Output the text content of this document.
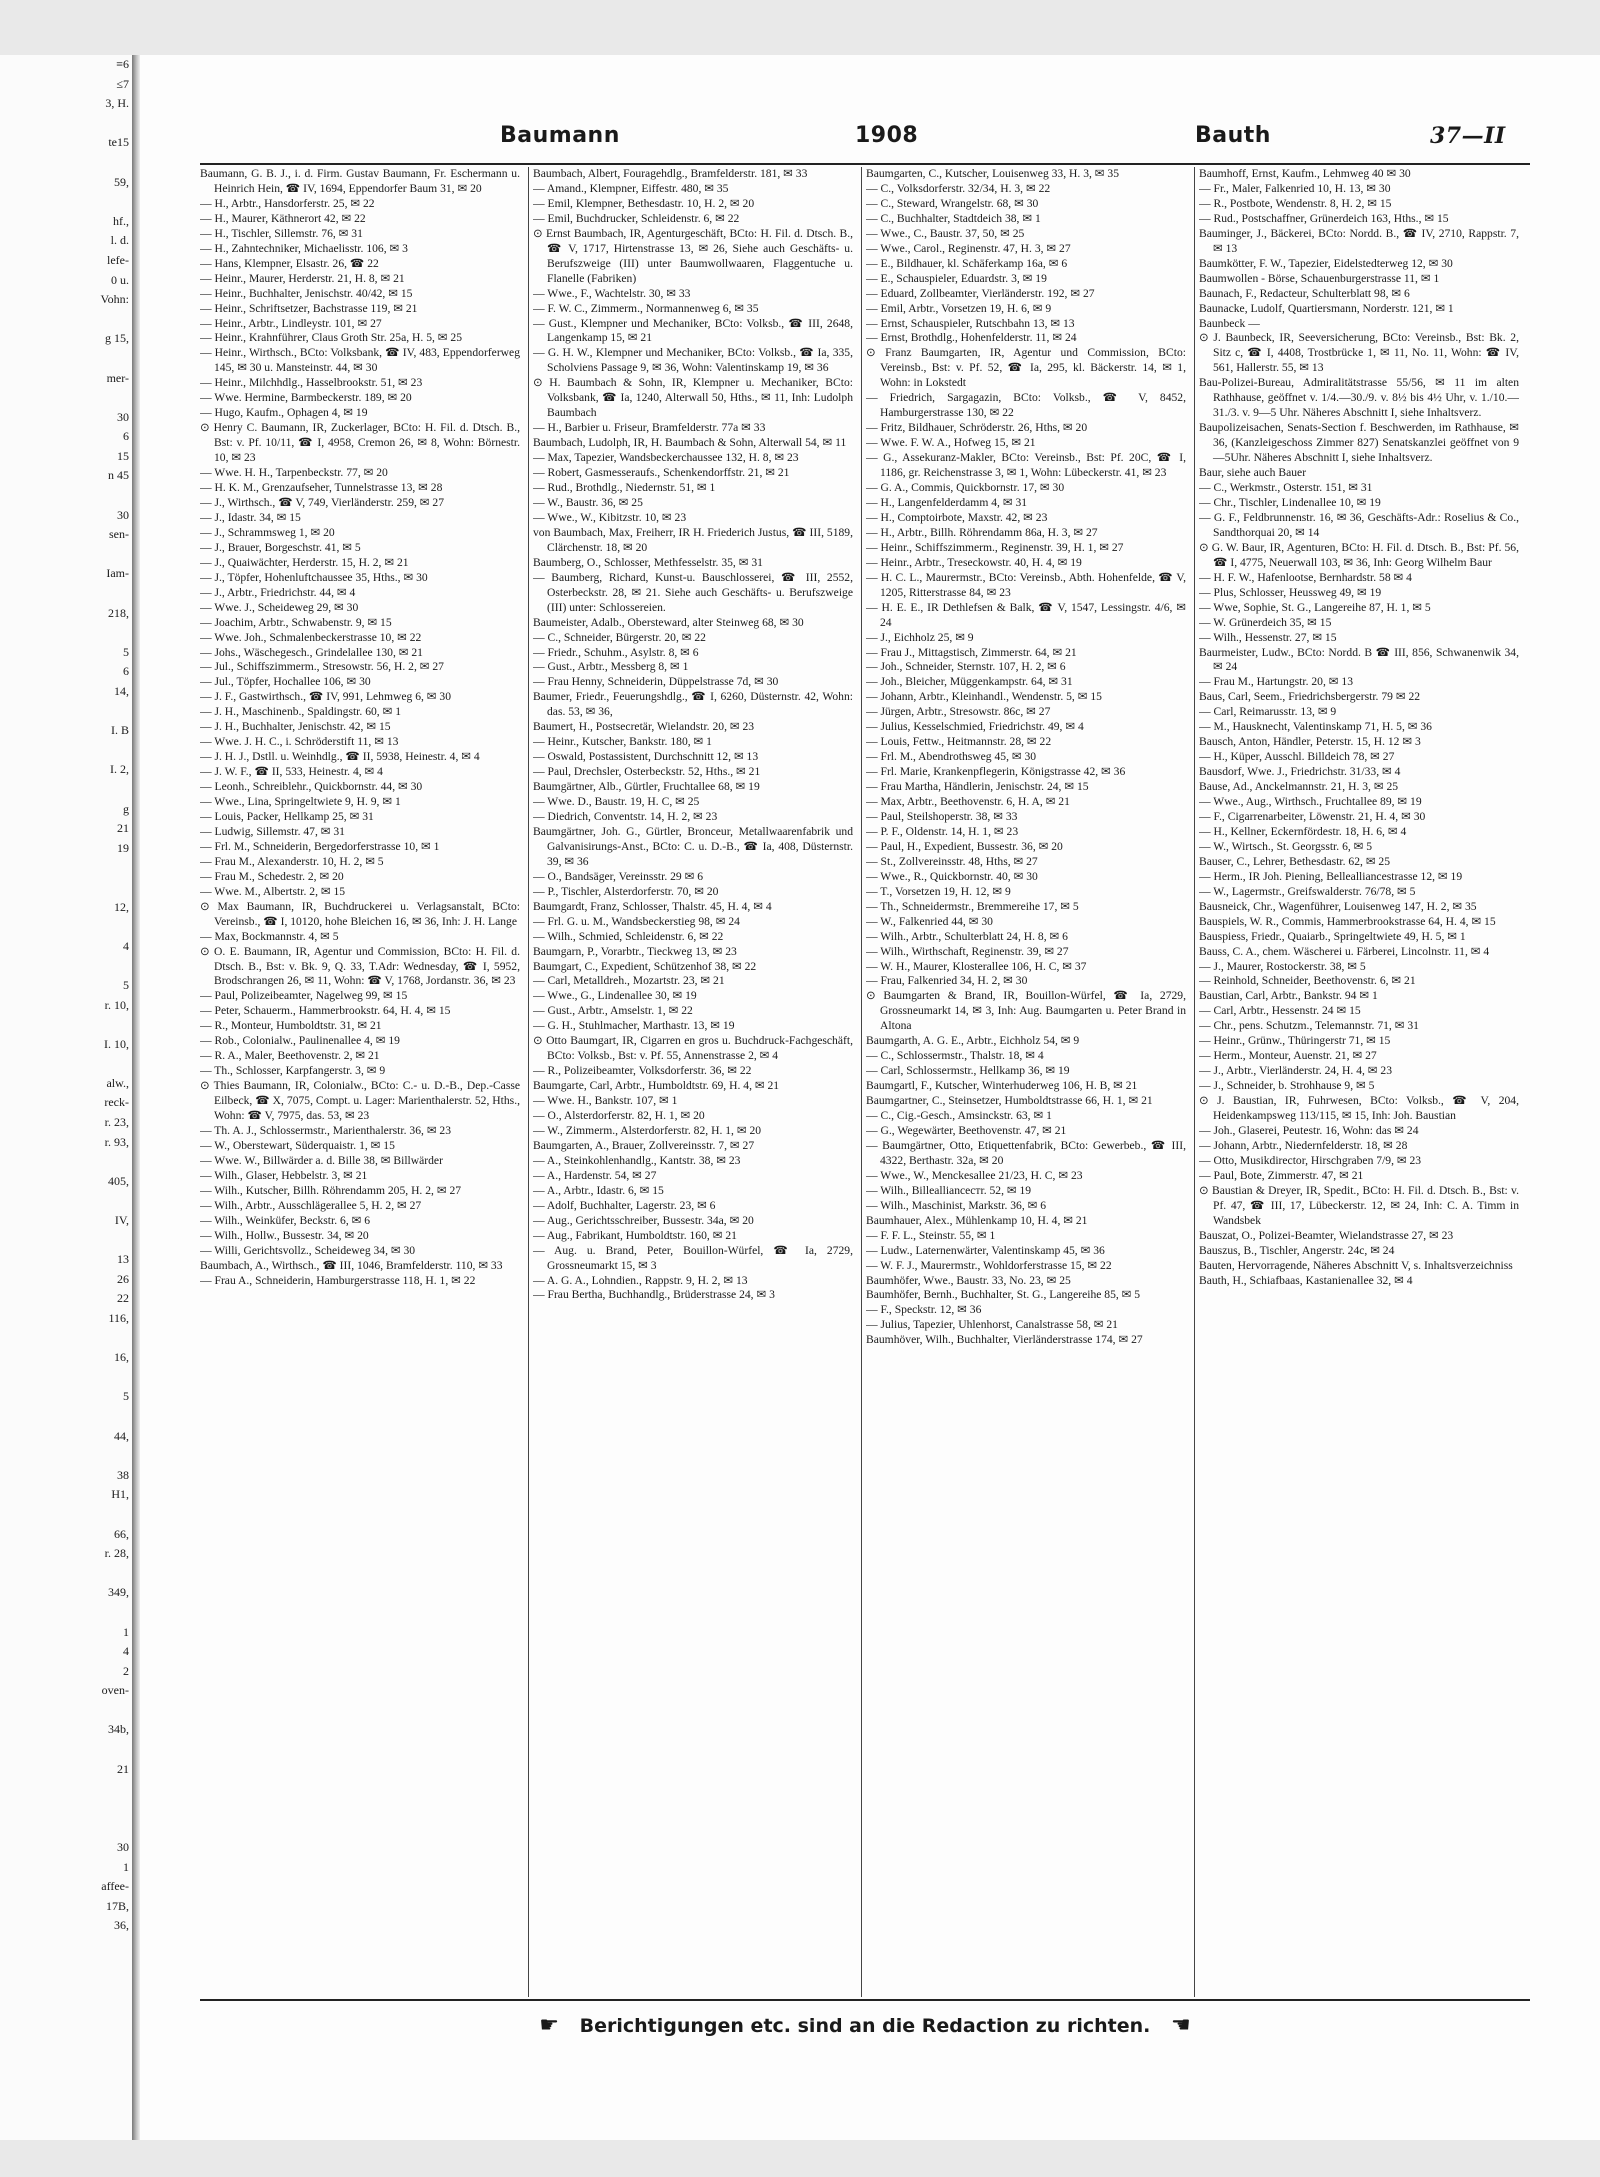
≡6
≤7
3, H.

te15

59,

hf.,
l. d.
lefe-
0 u.
Vohn:

g 15,

mer-

30
6
15
n 45

30
sen-

Iam-

218,

5
6
14,

I. B

I. 2,

g
21
19

12,

4

5
r. 10,

I. 10,

alw.,
reck-
r. 23,
r. 93,

405,

IV,

13
26
22
116,

16,

5

44,

38
H1,

66,
r. 28,

349,

1
4
2
oven-

34b,

21

30
1
affee-
17B,
36,
Baumann	1908	Bauth	37—II
Baumann, G. B. J., i. d. Firm. Gustav Baumann, Fr. Eschermann u. Heinrich Hein, ☎ IV, 1694, Eppendorfer Baum 31, ✉ 20
— H., Arbtr., Hansdorferstr. 25, ✉ 22
— H., Maurer, Käthnerort 42, ✉ 22
— H., Tischler, Sillemstr. 76, ✉ 31
— H., Zahntechniker, Michaelisstr. 106, ✉ 3
— Hans, Klempner, Elsastr. 26, ☎ 22
— Heinr., Maurer, Herderstr. 21, H. 8, ✉ 21
— Heinr., Buchhalter, Jenischstr. 40/42, ✉ 15
— Heinr., Schriftsetzer, Bachstrasse 119, ✉ 21
— Heinr., Arbtr., Lindleystr. 101, ✉ 27
— Heinr., Krahnführer, Claus Groth Str. 25a, H. 5, ✉ 25
— Heinr., Wirthsch., BCto: Volksbank, ☎ IV, 483, Eppendorferweg 145, ✉ 30 u. Mansteinstr. 44, ✉ 30
— Heinr., Milchhdlg., Hasselbrookstr. 51, ✉ 23
— Wwe. Hermine, Barmbeckerstr. 189, ✉ 20
— Hugo, Kaufm., Ophagen 4, ✉ 19
⊙ Henry C. Baumann, IR, Zuckerlager, BCto: H. Fil. d. Dtsch. B., Bst: v. Pf. 10/11, ☎ I, 4958, Cremon 26, ✉ 8, Wohn: Börnestr. 10, ✉ 23
— Wwe. H. H., Tarpenbeckstr. 77, ✉ 20
— H. K. M., Grenzaufseher, Tunnelstrasse 13, ✉ 28
— J., Wirthsch., ☎ V, 749, Vierländerstr. 259, ✉ 27
— J., Idastr. 34, ✉ 15
— J., Schrammsweg 1, ✉ 20
— J., Brauer, Borgeschstr. 41, ✉ 5
— J., Quaiwächter, Herderstr. 15, H. 2, ✉ 21
— J., Töpfer, Hohenluftchaussee 35, Hths., ✉ 30
— J., Arbtr., Friedrichstr. 44, ✉ 4
— Wwe. J., Scheideweg 29, ✉ 30
— Joachim, Arbtr., Schwabenstr. 9, ✉ 15
— Wwe. Joh., Schmalenbeckerstrasse 10, ✉ 22
— Johs., Wäschegesch., Grindelallee 130, ✉ 21
— Jul., Schiffszimmerm., Stresowstr. 56, H. 2, ✉ 27
— Jul., Töpfer, Hochallee 106, ✉ 30
— J. F., Gastwirthsch., ☎ IV, 991, Lehmweg 6, ✉ 30
— J. H., Maschinenb., Spaldingstr. 60, ✉ 1
— J. H., Buchhalter, Jenischstr. 42, ✉ 15
— Wwe. J. H. C., i. Schröderstift 11, ✉ 13
— J. H. J., Dstll. u. Weinhdlg., ☎ II, 5938, Heinestr. 4, ✉ 4
— J. W. F., ☎ II, 533, Heinestr. 4, ✉ 4
— Leonh., Schreiblehr., Quickbornstr. 44, ✉ 30
— Wwe., Lina, Springeltwiete 9, H. 9, ✉ 1
— Louis, Packer, Hellkamp 25, ✉ 31
— Ludwig, Sillemstr. 47, ✉ 31
— Frl. M., Schneiderin, Bergedorferstrasse 10, ✉ 1
— Frau M., Alexanderstr. 10, H. 2, ✉ 5
— Frau M., Schedestr. 2, ✉ 20
— Wwe. M., Albertstr. 2, ✉ 15
⊙ Max Baumann, IR, Buchdruckerei u. Verlagsanstalt, BCto: Vereinsb., ☎ I, 10120, hohe Bleichen 16, ✉ 36, Inh: J. H. Lange
— Max, Bockmannstr. 4, ✉ 5
⊙ O. E. Baumann, IR, Agentur und Commission, BCto: H. Fil. d. Dtsch. B., Bst: v. Bk. 9, Q. 33, T.Adr: Wednesday, ☎ I, 5952, Brodschrangen 26, ✉ 11, Wohn: ☎ V, 1768, Jordanstr. 36, ✉ 23
— Paul, Polizeibeamter, Nagelweg 99, ✉ 15
— Peter, Schauerm., Hammerbrookstr. 64, H. 4, ✉ 15
— R., Monteur, Humboldtstr. 31, ✉ 21
— Rob., Colonialw., Paulinenallee 4, ✉ 19
— R. A., Maler, Beethovenstr. 2, ✉ 21
— Th., Schlosser, Karpfangerstr. 3, ✉ 9
⊙ Thies Baumann, IR, Colonialw., BCto: C.- u. D.-B., Dep.-Casse Eilbeck, ☎ X, 7075, Compt. u. Lager: Marienthalerstr. 52, Hths., Wohn: ☎ V, 7975, das. 53, ✉ 23
— Th. A. J., Schlossermstr., Marienthalerstr. 36, ✉ 23
— W., Oberstewart, Süderquaistr. 1, ✉ 15
— Wwe. W., Billwärder a. d. Bille 38, ✉ Billwärder
— Wilh., Glaser, Hebbelstr. 3, ✉ 21
— Wilh., Kutscher, Billh. Röhrendamm 205, H. 2, ✉ 27
— Wilh., Arbtr., Ausschlägerallee 5, H. 2, ✉ 27
— Wilh., Weinküfer, Beckstr. 6, ✉ 6
— Wilh., Hollw., Bussestr. 34, ✉ 20
— Willi, Gerichtsvollz., Scheideweg 34, ✉ 30
Baumbach, A., Wirthsch., ☎ III, 1046, Bramfelderstr. 110, ✉ 33
— Frau A., Schneiderin, Hamburgerstrasse 118, H. 1, ✉ 22
Baumbach, Albert, Fouragehdlg., Bramfelderstr. 181, ✉ 33
— Amand., Klempner, Eiffestr. 480, ✉ 35
— Emil, Klempner, Bethesdastr. 10, H. 2, ✉ 20
— Emil, Buchdrucker, Schleidenstr. 6, ✉ 22
⊙ Ernst Baumbach, IR, Agenturgeschäft, BCto: H. Fil. d. Dtsch. B., ☎ V, 1717, Hirtenstrasse 13, ✉ 26, Siehe auch Geschäfts- u. Berufszweige (III) unter Baumwollwaaren, Flaggentuche u. Flanelle (Fabriken)
— Wwe., F., Wachtelstr. 30, ✉ 33
— F. W. C., Zimmerm., Normannenweg 6, ✉ 35
— Gust., Klempner und Mechaniker, BCto: Volksb., ☎ III, 2648, Langenkamp 15, ✉ 21
— G. H. W., Klempner und Mechaniker, BCto: Volksb., ☎ Ia, 335, Scholviens Passage 9, ✉ 36, Wohn: Valentinskamp 19, ✉ 36
⊙ H. Baumbach & Sohn, IR, Klempner u. Mechaniker, BCto: Volksbank, ☎ Ia, 1240, Alterwall 50, Hths., ✉ 11, Inh: Ludolph Baumbach
— H., Barbier u. Friseur, Bramfelderstr. 77a ✉ 33
Baumbach, Ludolph, IR, H. Baumbach & Sohn, Alterwall 54, ✉ 11
— Max, Tapezier, Wandsbeckerchaussee 132, H. 8, ✉ 23
— Robert, Gasmesseraufs., Schenkendorffstr. 21, ✉ 21
— Rud., Brothdlg., Niedernstr. 51, ✉ 1
— W., Baustr. 36, ✉ 25
— Wwe., W., Kibitzstr. 10, ✉ 23
von Baumbach, Max, Freiherr, IR H. Friederich Justus, ☎ III, 5189, Clärchenstr. 18, ✉ 20
Baumberg, O., Schlosser, Methfesselstr. 35, ✉ 31
— Baumberg, Richard, Kunst-u. Bauschlosserei, ☎ III, 2552, Osterbeckstr. 28, ✉ 21. Siehe auch Geschäfts- u. Berufszweige (III) unter: Schlossereien.
Baumeister, Adalb., Obersteward, alter Steinweg 68, ✉ 30
— C., Schneider, Bürgerstr. 20, ✉ 22
— Friedr., Schuhm., Asylstr. 8, ✉ 6
— Gust., Arbtr., Messberg 8, ✉ 1
— Frau Henny, Schneiderin, Düppelstrasse 7d, ✉ 30
Baumer, Friedr., Feuerungshdlg., ☎ I, 6260, Düsternstr. 42, Wohn: das. 53, ✉ 36,
Baumert, H., Postsecretär, Wielandstr. 20, ✉ 23
— Heinr., Kutscher, Bankstr. 180, ✉ 1
— Oswald, Postassistent, Durchschnitt 12, ✉ 13
— Paul, Drechsler, Osterbeckstr. 52, Hths., ✉ 21
Baumgärtner, Alb., Gürtler, Fruchtallee 68, ✉ 19
— Wwe. D., Baustr. 19, H. C, ✉ 25
— Diedrich, Conventstr. 14, H. 2, ✉ 23
Baumgärtner, Joh. G., Gürtler, Bronceur, Metallwaarenfabrik und Galvanisirungs-Anst., BCto: C. u. D.-B., ☎ Ia, 408, Düsternstr. 39, ✉ 36
— O., Bandsäger, Vereinsstr. 29 ✉ 6
— P., Tischler, Alsterdorferstr. 70, ✉ 20
Baumgardt, Franz, Schlosser, Thalstr. 45, H. 4, ✉ 4
— Frl. G. u. M., Wandsbeckerstieg 98, ✉ 24
— Wilh., Schmied, Schleidenstr. 6, ✉ 22
Baumgarn, P., Vorarbtr., Tieckweg 13, ✉ 23
Baumgart, C., Expedient, Schützenhof 38, ✉ 22
— Carl, Metalldreh., Mozartstr. 23, ✉ 21
— Wwe., G., Lindenallee 30, ✉ 19
— Gust., Arbtr., Amselstr. 1, ✉ 22
— G. H., Stuhlmacher, Marthastr. 13, ✉ 19
⊙ Otto Baumgart, IR, Cigarren en gros u. Buchdruck-Fachgeschäft, BCto: Volksb., Bst: v. Pf. 55, Annenstrasse 2, ✉ 4
— R., Polizeibeamter, Volksdorferstr. 36, ✉ 22
Baumgarte, Carl, Arbtr., Humboldtstr. 69, H. 4, ✉ 21
— Wwe. H., Bankstr. 107, ✉ 1
— O., Alsterdorferstr. 82, H. 1, ✉ 20
— W., Zimmerm., Alsterdorferstr. 82, H. 1, ✉ 20
Baumgarten, A., Brauer, Zollvereinsstr. 7, ✉ 27
— A., Steinkohlenhandlg., Kantstr. 38, ✉ 23
— A., Hardenstr. 54, ✉ 27
— A., Arbtr., Idastr. 6, ✉ 15
— Adolf, Buchhalter, Lagerstr. 23, ✉ 6
— Aug., Gerichtsschreiber, Bussestr. 34a, ✉ 20
— Aug., Fabrikant, Humboldtstr. 160, ✉ 21
— Aug. u. Brand, Peter, Bouillon-Würfel, ☎ Ia, 2729, Grossneumarkt 15, ✉ 3
— A. G. A., Lohndien., Rappstr. 9, H. 2, ✉ 13
— Frau Bertha, Buchhandlg., Brüderstrasse 24, ✉ 3
Baumgarten, C., Kutscher, Louisenweg 33, H. 3, ✉ 35
— C., Volksdorferstr. 32/34, H. 3, ✉ 22
— C., Steward, Wrangelstr. 68, ✉ 30
— C., Buchhalter, Stadtdeich 38, ✉ 1
— Wwe., C., Baustr. 37, 50, ✉ 25
— Wwe., Carol., Reginenstr. 47, H. 3, ✉ 27
— E., Bildhauer, kl. Schäferkamp 16a, ✉ 6
— E., Schauspieler, Eduardstr. 3, ✉ 19
— Eduard, Zollbeamter, Vierländerstr. 192, ✉ 27
— Emil, Arbtr., Vorsetzen 19, H. 6, ✉ 9
— Ernst, Schauspieler, Rutschbahn 13, ✉ 13
— Ernst, Brothdlg., Hohenfelderstr. 11, ✉ 24
⊙ Franz Baumgarten, IR, Agentur und Commission, BCto: Vereinsb., Bst: v. Pf. 52, ☎ Ia, 295, kl. Bäckerstr. 14, ✉ 1, Wohn: in Lokstedt
— Friedrich, Sargagazin, BCto: Volksb., ☎ V, 8452, Hamburgerstrasse 130, ✉ 22
— Fritz, Bildhauer, Schröderstr. 26, Hths, ✉ 20
— Wwe. F. W. A., Hofweg 15, ✉ 21
— G., Assekuranz-Makler, BCto: Vereinsb., Bst: Pf. 20C, ☎ I, 1186, gr. Reichenstrasse 3, ✉ 1, Wohn: Lübeckerstr. 41, ✉ 23
— G. A., Commis, Quickbornstr. 17, ✉ 30
— H., Langenfelderdamm 4, ✉ 31
— H., Comptoirbote, Maxstr. 42, ✉ 23
— H., Arbtr., Billh. Röhrendamm 86a, H. 3, ✉ 27
— Heinr., Schiffszimmerm., Reginenstr. 39, H. 1, ✉ 27
— Heinr., Arbtr., Treseckowstr. 40, H. 4, ✉ 19
— H. C. L., Maurermstr., BCto: Vereinsb., Abth. Hohenfelde, ☎ V, 1205, Ritterstrasse 84, ✉ 23
— H. E. E., IR Dethlefsen & Balk, ☎ V, 1547, Lessingstr. 4/6, ✉ 24
— J., Eichholz 25, ✉ 9
— Frau J., Mittagstisch, Zimmerstr. 64, ✉ 21
— Joh., Schneider, Sternstr. 107, H. 2, ✉ 6
— Joh., Bleicher, Müggenkampstr. 64, ✉ 31
— Johann, Arbtr., Kleinhandl., Wendenstr. 5, ✉ 15
— Jürgen, Arbtr., Stresowstr. 86c, ✉ 27
— Julius, Kesselschmied, Friedrichstr. 49, ✉ 4
— Louis, Fettw., Heitmannstr. 28, ✉ 22
— Frl. M., Abendrothsweg 45, ✉ 30
— Frl. Marie, Krankenpflegerin, Königstrasse 42, ✉ 36
— Frau Martha, Händlerin, Jenischstr. 24, ✉ 15
— Max, Arbtr., Beethovenstr. 6, H. A, ✉ 21
— Paul, Steilshoperstr. 38, ✉ 33
— P. F., Oldenstr. 14, H. 1, ✉ 23
— Paul, H., Expedient, Bussestr. 36, ✉ 20
— St., Zollvereinsstr. 48, Hths, ✉ 27
— Wwe., R., Quickbornstr. 40, ✉ 30
— T., Vorsetzen 19, H. 12, ✉ 9
— Th., Schneidermstr., Bremmereihe 17, ✉ 5
— W., Falkenried 44, ✉ 30
— Wilh., Arbtr., Schulterblatt 24, H. 8, ✉ 6
— Wilh., Wirthschaft, Reginenstr. 39, ✉ 27
— W. H., Maurer, Klosterallee 106, H. C, ✉ 37
— Frau, Falkenried 34, H. 2, ✉ 30
⊙ Baumgarten & Brand, IR, Bouillon-Würfel, ☎ Ia, 2729, Grossneumarkt 14, ✉ 3, Inh: Aug. Baumgarten u. Peter Brand in Altona
Baumgarth, A. G. E., Arbtr., Eichholz 54, ✉ 9
— C., Schlossermstr., Thalstr. 18, ✉ 4
— Carl, Schlossermstr., Hellkamp 36, ✉ 19
Baumgartl, F., Kutscher, Winterhuderweg 106, H. B, ✉ 21
Baumgartner, C., Steinsetzer, Humboldtstrasse 66, H. 1, ✉ 21
— C., Cig.-Gesch., Amsinckstr. 63, ✉ 1
— G., Wegewärter, Beethovenstr. 47, ✉ 21
— Baumgärtner, Otto, Etiquettenfabrik, BCto: Gewerbeb., ☎ III, 4322, Berthastr. 32a, ✉ 20
— Wwe., W., Menckesallee 21/23, H. C, ✉ 23
— Wilh., Billeallianceстr. 52, ✉ 19
— Wilh., Maschinist, Markstr. 36, ✉ 6
Baumhauer, Alex., Mühlenkamp 10, H. 4, ✉ 21
— F. F. L., Steinstr. 55, ✉ 1
— Ludw., Laternenwärter, Valentinskamp 45, ✉ 36
— W. F. J., Maurermstr., Wohldorferstrasse 15, ✉ 22
Baumhöfer, Wwe., Baustr. 33, No. 23, ✉ 25
Baumhöfer, Bernh., Buchhalter, St. G., Langereihe 85, ✉ 5
— F., Speckstr. 12, ✉ 36
— Julius, Tapezier, Uhlenhorst, Canalstrasse 58, ✉ 21
Baumhöver, Wilh., Buchhalter, Vierländerstrasse 174, ✉ 27
Baumhoff, Ernst, Kaufm., Lehmweg 40 ✉ 30
— Fr., Maler, Falkenried 10, H. 13, ✉ 30
— R., Postbote, Wendenstr. 8, H. 2, ✉ 15
— Rud., Postschaffner, Grünerdeich 163, Hths., ✉ 15
Bauminger, J., Bäckerei, BCto: Nordd. B., ☎ IV, 2710, Rappstr. 7, ✉ 13
Baumkötter, F. W., Tapezier, Eidelstedterweg 12, ✉ 30
Baumwollen - Börse, Schauenburgerstrasse 11, ✉ 1
Baunach, F., Redacteur, Schulterblatt 98, ✉ 6
Baunacke, Ludolf, Quartiersmann, Norderstr. 121, ✉ 1
Baunbeck —
⊙ J. Baunbeck, IR, Seeversicherung, BCto: Vereinsb., Bst: Bk. 2, Sitz c, ☎ I, 4408, Trostbrücke 1, ✉ 11, No. 11, Wohn: ☎ IV, 561, Hallerstr. 55, ✉ 13
Bau-Polizei-Bureau, Admiralitätstrasse 55/56, ✉ 11 im alten Rathhause, geöffnet v. 1/4.—30./9. v. 8½ bis 4½ Uhr, v. 1./10.—31./3. v. 9—5 Uhr. Näheres Abschnitt I, siehe Inhaltsverz.
Baupolizeisachen, Senats-Section f. Beschwerden, im Rathhause, ✉ 36, (Kanzleigeschoss Zimmer 827) Senatskanzlei geöffnet von 9—5Uhr. Näheres Abschnitt I, siehe Inhaltsverz.
Baur, siehe auch Bauer
— C., Werkmstr., Osterstr. 151, ✉ 31
— Chr., Tischler, Lindenallee 10, ✉ 19
— G. F., Feldbrunnenstr. 16, ✉ 36, Geschäfts-Adr.: Roselius & Co., Sandthorquai 20, ✉ 14
⊙ G. W. Baur, IR, Agenturen, BCto: H. Fil. d. Dtsch. B., Bst: Pf. 56, ☎ I, 4775, Neuerwall 103, ✉ 36, Inh: Georg Wilhelm Baur
— H. F. W., Hafenlootse, Bernhardstr. 58 ✉ 4
— Plus, Schlosser, Heussweg 49, ✉ 19
— Wwe, Sophie, St. G., Langereihe 87, H. 1, ✉ 5
— W. Grünerdeich 35, ✉ 15
— Wilh., Hessenstr. 27, ✉ 15
Baurmeister, Ludw., BCto: Nordd. B ☎ III, 856, Schwanenwik 34, ✉ 24
— Frau M., Hartungstr. 20, ✉ 13
Baus, Carl, Seem., Friedrichsbergerstr. 79 ✉ 22
— Carl, Reimarusstr. 13, ✉ 9
— M., Hausknecht, Valentinskamp 71, H. 5, ✉ 36
Bausch, Anton, Händler, Peterstr. 15, H. 12 ✉ 3
— H., Küper, Ausschl. Billdeich 78, ✉ 27
Bausdorf, Wwe. J., Friedrichstr. 31/33, ✉ 4
Bause, Ad., Anckelmannstr. 21, H. 3, ✉ 25
— Wwe., Aug., Wirthsch., Fruchtallee 89, ✉ 19
— F., Cigarrenarbeiter, Löwenstr. 21, H. 4, ✉ 30
— H., Kellner, Eckernfördestr. 18, H. 6, ✉ 4
— W., Wirtsch., St. Georgsstr. 6, ✉ 5
Bauser, C., Lehrer, Bethesdastr. 62, ✉ 25
— Herm., IR Joh. Piening, Bellealliancestrasse 12, ✉ 19
— W., Lagermstr., Greifswalderstr. 76/78, ✉ 5
Bausneick, Chr., Wagenführer, Louisenweg 147, H. 2, ✉ 35
Bauspiels, W. R., Commis, Hammerbrookstrasse 64, H. 4, ✉ 15
Bauspiess, Friedr., Quaiarb., Springeltwiete 49, H. 5, ✉ 1
Bauss, C. A., chem. Wäscherei u. Färberei, Lincolnstr. 11, ✉ 4
— J., Maurer, Rostockerstr. 38, ✉ 5
— Reinhold, Schneider, Beethovenstr. 6, ✉ 21
Baustian, Carl, Arbtr., Bankstr. 94 ✉ 1
— Carl, Arbtr., Hessenstr. 24 ✉ 15
— Chr., pens. Schutzm., Telemannstr. 71, ✉ 31
— Heinr., Grünw., Thüringerstr 71, ✉ 15
— Herm., Monteur, Auenstr. 21, ✉ 27
— J., Arbtr., Vierländerstr. 24, H. 4, ✉ 23
— J., Schneider, b. Strohhause 9, ✉ 5
⊙ J. Baustian, IR, Fuhrwesen, BCto: Volksb., ☎ V, 204, Heidenkampsweg 113/115, ✉ 15, Inh: Joh. Baustian
— Joh., Glaserei, Peutestr. 16, Wohn: das ✉ 24
— Johann, Arbtr., Niedernfelderstr. 18, ✉ 28
— Otto, Musikdirector, Hirschgraben 7/9, ✉ 23
— Paul, Bote, Zimmerstr. 47, ✉ 21
⊙ Baustian & Dreyer, IR, Spedit., BCto: H. Fil. d. Dtsch. B., Bst: v. Pf. 47, ☎ III, 17, Lübeckerstr. 12, ✉ 24, Inh: C. A. Timm in Wandsbek
Bauszat, O., Polizei-Beamter, Wielandstrasse 27, ✉ 23
Bauszus, B., Tischler, Angerstr. 24c, ✉ 24
Bauten, Hervorragende, Näheres Abschnitt V, s. Inhaltsverzeichniss
Bauth, H., Schiafbaas, Kastanienallee 32, ✉ 4
☛ Berichtigungen etc. sind an die Redaction zu richten. ☚
